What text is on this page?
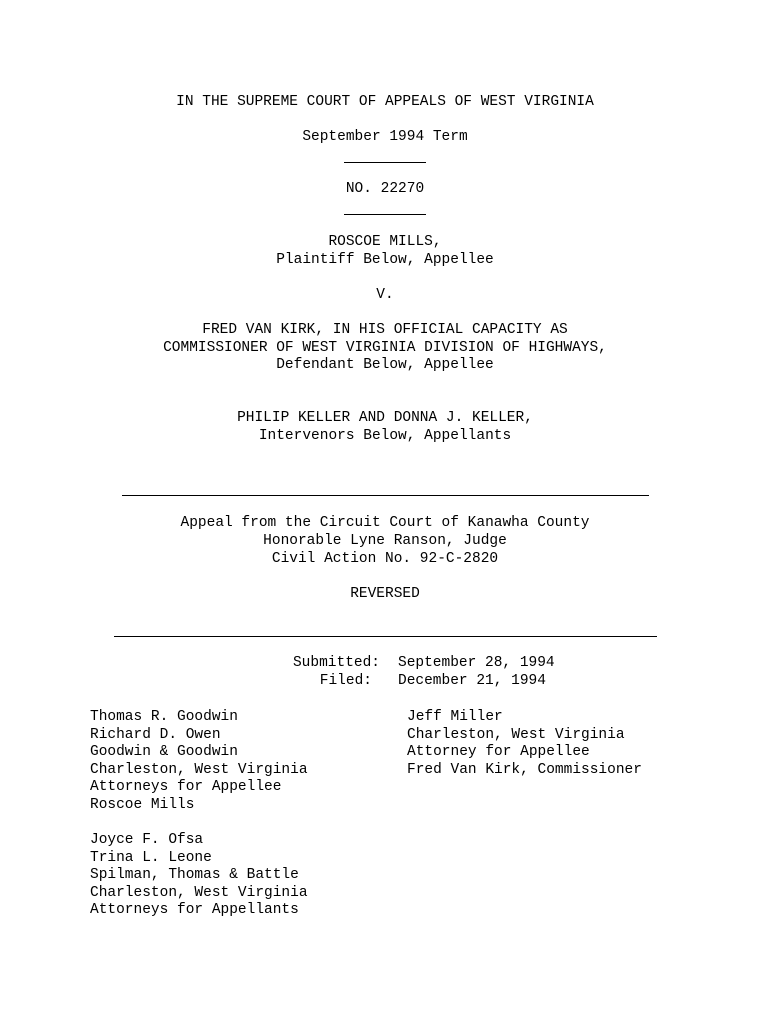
IN THE SUPREME COURT OF APPEALS OF WEST VIRGINIA
September 1994 Term
NO. 22270
ROSCOE MILLS,
Plaintiff Below, Appellee
V.
FRED VAN KIRK, IN HIS OFFICIAL CAPACITY AS
COMMISSIONER OF WEST VIRGINIA DIVISION OF HIGHWAYS,
Defendant Below, Appellee
PHILIP KELLER AND DONNA J. KELLER,
Intervenors Below, Appellants
Appeal from the Circuit Court of Kanawha County
Honorable Lyne Ranson, Judge
Civil Action No. 92-C-2820
REVERSED
Submitted: September 28, 1994
Filed: December 21, 1994
Thomas R. Goodwin
Richard D. Owen
Goodwin & Goodwin
Charleston, West Virginia
Attorneys for Appellee
Roscoe Mills
Jeff Miller
Charleston, West Virginia
Attorney for Appellee
Fred Van Kirk, Commissioner
Joyce F. Ofsa
Trina L. Leone
Spilman, Thomas & Battle
Charleston, West Virginia
Attorneys for Appellants
